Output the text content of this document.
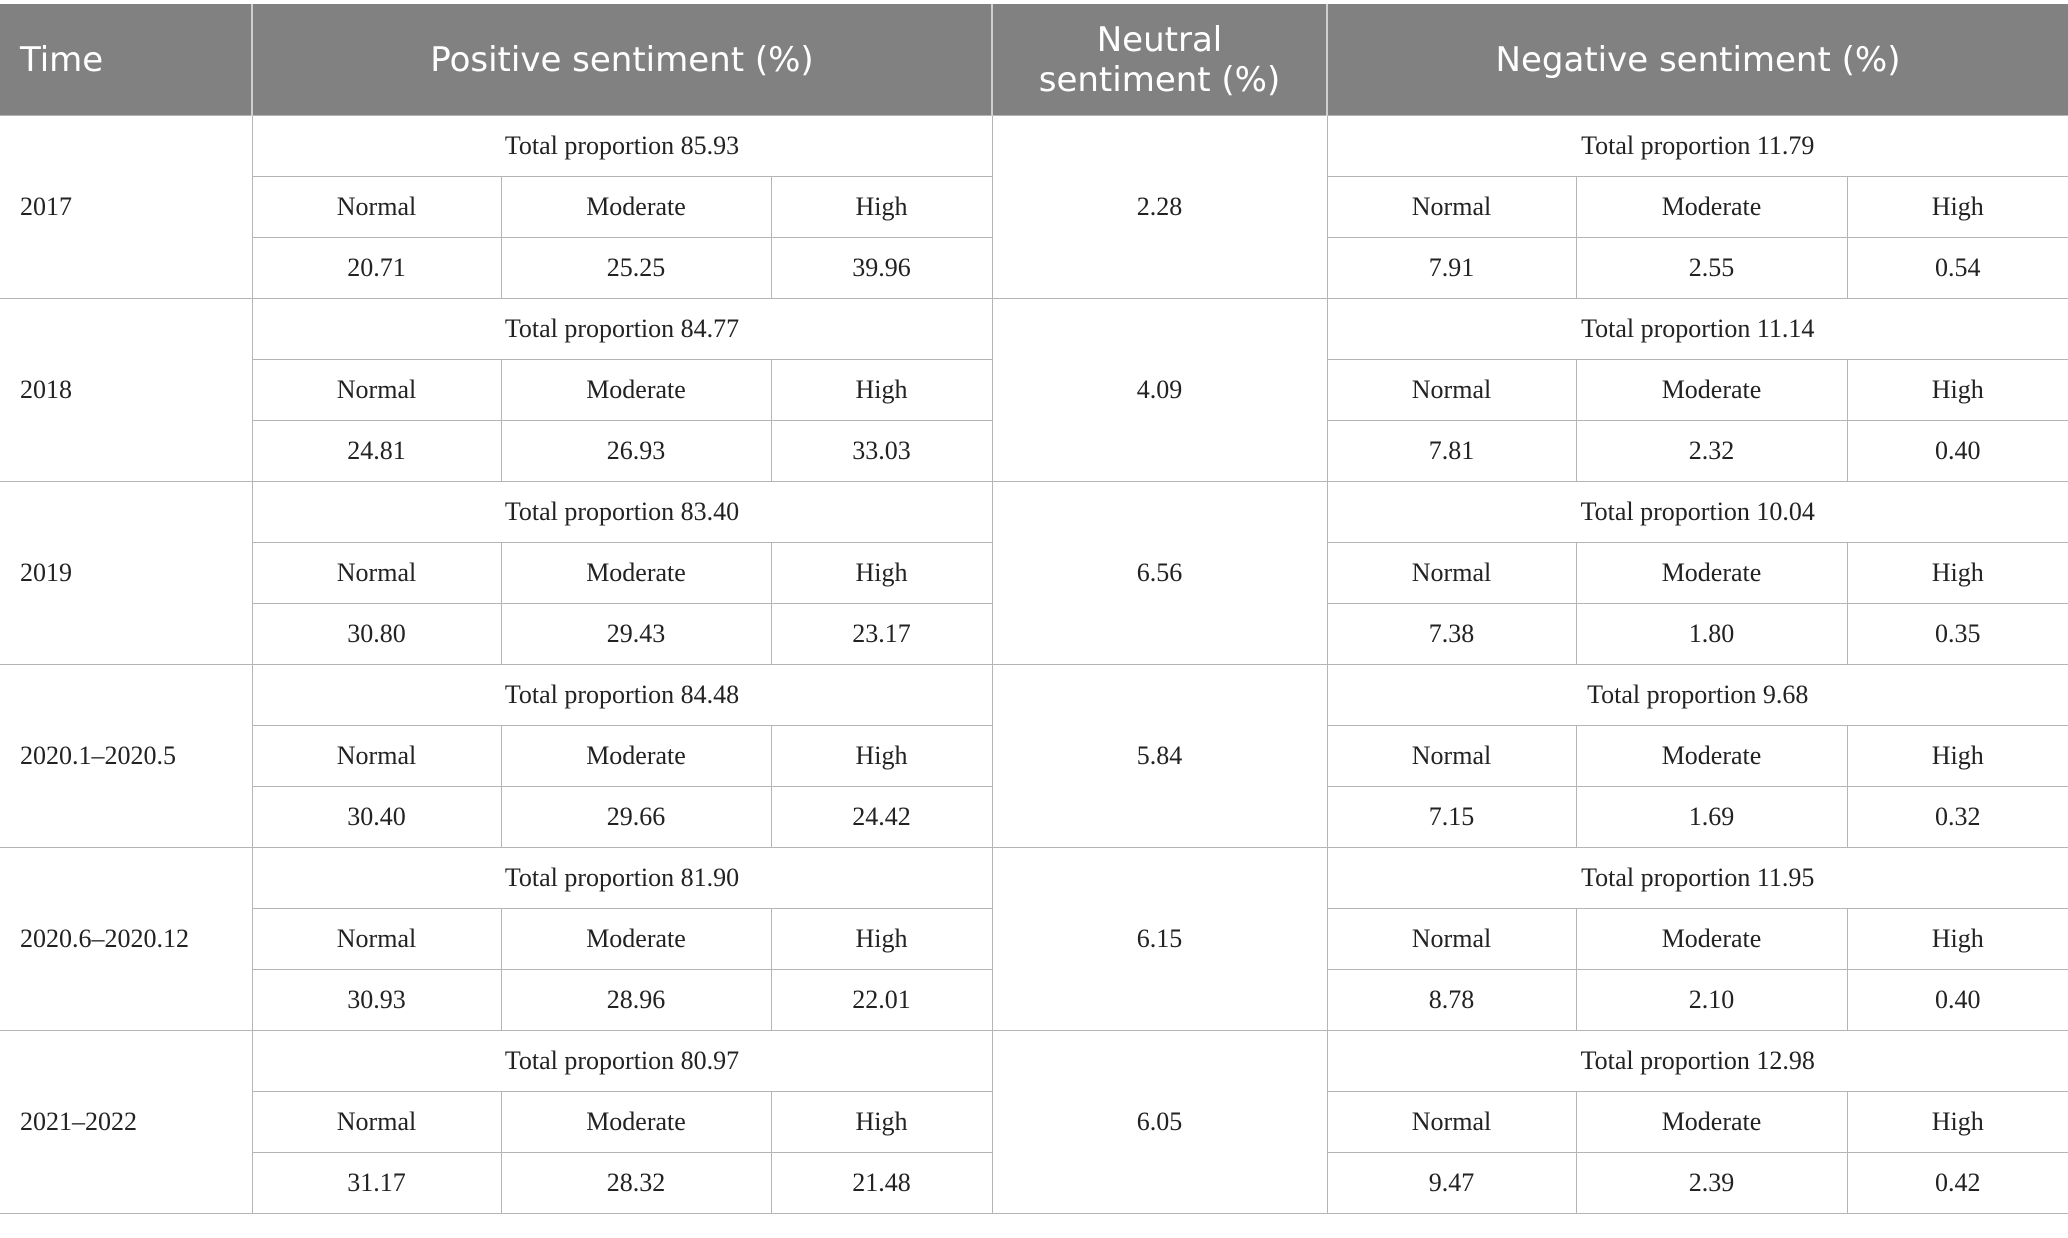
Time	Positive sentiment (%)			Neutral
sentiment (%)	Negative sentiment (%)		
2017	Total proportion 85.93			2.28	Total proportion 11.79		
	Normal	Moderate	High		Normal	Moderate	High
	20.71	25.25	39.96		7.91	2.55	0.54
2018	Total proportion 84.77			4.09	Total proportion 11.14		
	Normal	Moderate	High		Normal	Moderate	High
	24.81	26.93	33.03		7.81	2.32	0.40
2019	Total proportion 83.40			6.56	Total proportion 10.04		
	Normal	Moderate	High		Normal	Moderate	High
	30.80	29.43	23.17		7.38	1.80	0.35
2020.1–2020.5	Total proportion 84.48			5.84	Total proportion 9.68		
	Normal	Moderate	High		Normal	Moderate	High
	30.40	29.66	24.42		7.15	1.69	0.32
2020.6–2020.12	Total proportion 81.90			6.15	Total proportion 11.95		
	Normal	Moderate	High		Normal	Moderate	High
	30.93	28.96	22.01		8.78	2.10	0.40
2021–2022	Total proportion 80.97			6.05	Total proportion 12.98		
	Normal	Moderate	High		Normal	Moderate	High
	31.17	28.32	21.48		9.47	2.39	0.42
